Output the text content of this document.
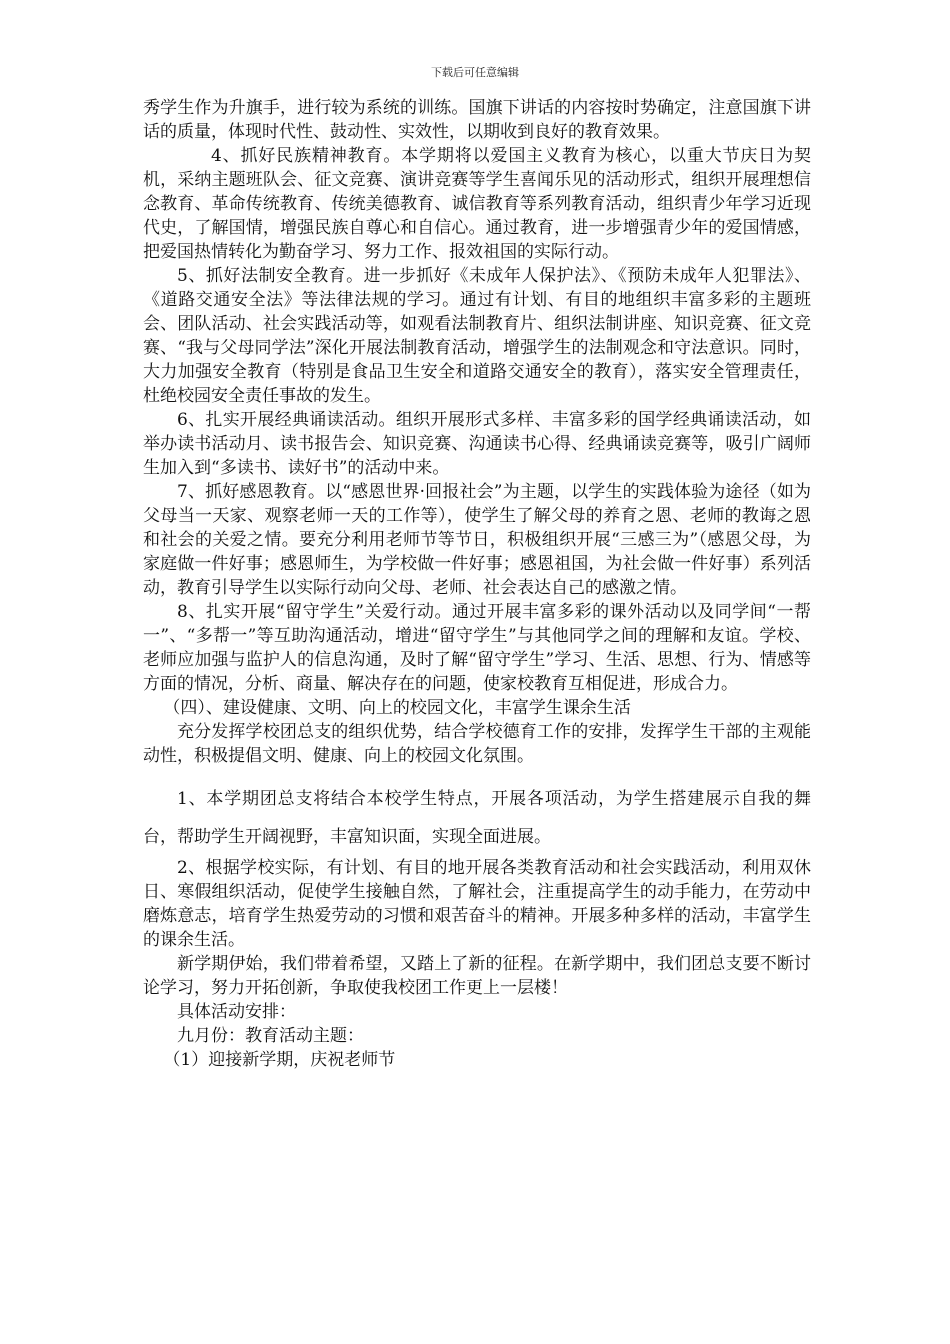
下载后可任意编辑

秀学生作为升旗手，进行较为系统的训练。国旗下讲话的内容按时势确定，注意国旗下讲话的质量，体现时代性、鼓动性、实效性，以期收到良好的教育效果。

4、抓好民族精神教育。本学期将以爱国主义教育为核心，以重大节庆日为契机，采纳主题班队会、征文竞赛、演讲竞赛等学生喜闻乐见的活动形式，组织开展理想信念教育、革命传统教育、传统美德教育、诚信教育等系列教育活动，组织青少年学习近现代史，了解国情，增强民族自尊心和自信心。通过教育，进一步增强青少年的爱国情感，把爱国热情转化为勤奋学习、努力工作、报效祖国的实际行动。

5、抓好法制安全教育。进一步抓好《未成年人保护法》、《预防未成年人犯罪法》、《道路交通安全法》等法律法规的学习。通过有计划、有目的地组织丰富多彩的主题班会、团队活动、社会实践活动等，如观看法制教育片、组织法制讲座、知识竞赛、征文竞赛、“我与父母同学法”深化开展法制教育活动，增强学生的法制观念和守法意识。同时，大力加强安全教育（特别是食品卫生安全和道路交通安全的教育），落实安全管理责任，杜绝校园安全责任事故的发生。

6、扎实开展经典诵读活动。组织开展形式多样、丰富多彩的国学经典诵读活动，如举办读书活动月、读书报告会、知识竞赛、沟通读书心得、经典诵读竞赛等，吸引广阔师生加入到“多读书、读好书”的活动中来。

7、抓好感恩教育。以“感恩世界·回报社会”为主题，以学生的实践体验为途径（如为父母当一天家、观察老师一天的工作等），使学生了解父母的养育之恩、老师的教诲之恩和社会的关爱之情。要充分利用老师节等节日，积极组织开展“三感三为”（感恩父母，为家庭做一件好事；感恩师生，为学校做一件好事；感恩祖国，为社会做一件好事）系列活动，教育引导学生以实际行动向父母、老师、社会表达自己的感激之情。

8、扎实开展“留守学生”关爱行动。通过开展丰富多彩的课外活动以及同学间“一帮一”、“多帮一”等互助沟通活动，增进“留守学生”与其他同学之间的理解和友谊。学校、老师应加强与监护人的信息沟通，及时了解“留守学生”学习、生活、思想、行为、情感等方面的情况，分析、商量、解决存在的问题，使家校教育互相促进，形成合力。

（四）、建设健康、文明、向上的校园文化，丰富学生课余生活

充分发挥学校团总支的组织优势，结合学校德育工作的安排，发挥学生干部的主观能动性，积极提倡文明、健康、向上的校园文化氛围。

1、本学期团总支将结合本校学生特点，开展各项活动，为学生搭建展示自我的舞台，帮助学生开阔视野，丰富知识面，实现全面进展。

2、根据学校实际，有计划、有目的地开展各类教育活动和社会实践活动，利用双休日、寒假组织活动，促使学生接触自然，了解社会，注重提高学生的动手能力，在劳动中磨炼意志，培育学生热爱劳动的习惯和艰苦奋斗的精神。开展多种多样的活动，丰富学生的课余生活。

新学期伊始，我们带着希望，又踏上了新的征程。在新学期中，我们团总支要不断讨论学习，努力开拓创新，争取使我校团工作更上一层楼！

具体活动安排：

九月份：教育活动主题：

（1）迎接新学期，庆祝老师节
